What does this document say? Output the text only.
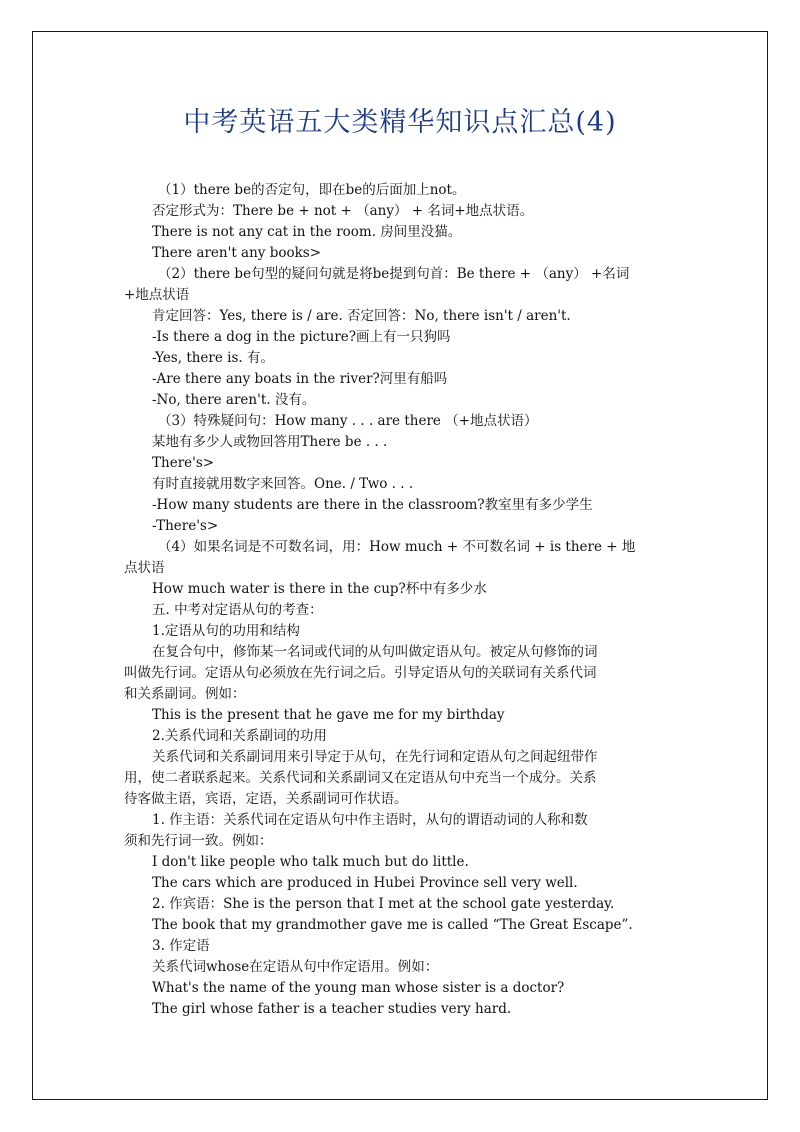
中考英语五大类精华知识点汇总(4)
（1）there be的否定句，即在be的后面加上not。
否定形式为：There be + not + （any） + 名词+地点状语。
There is not any cat in the room. 房间里没猫。
There aren't any books>
（2）there be句型的疑问句就是将be提到句首：Be there + （any） +名词
+地点状语
肯定回答：Yes, there is / are. 否定回答：No, there isn't / aren't.
-Is there a dog in the picture?画上有一只狗吗
-Yes, there is. 有。
-Are there any boats in the river?河里有船吗
-No, there aren't. 没有。
（3）特殊疑问句：How many . . . are there （+地点状语）
某地有多少人或物回答用There be . . .
There's>
有时直接就用数字来回答。One. / Two . . .
-How many students are there in the classroom?教室里有多少学生
-There's>
（4）如果名词是不可数名词，用：How much + 不可数名词 + is there + 地
点状语
How much water is there in the cup?杯中有多少水
五. 中考对定语从句的考查：
1.定语从句的功用和结构
在复合句中，修饰某一名词或代词的从句叫做定语从句。被定从句修饰的词
叫做先行词。定语从句必须放在先行词之后。引导定语从句的关联词有关系代词
和关系副词。例如：
This is the present that he gave me for my birthday
2.关系代词和关系副词的功用
关系代词和关系副词用来引导定于从句，在先行词和定语从句之间起纽带作
用，使二者联系起来。关系代词和关系副词又在定语从句中充当一个成分。关系
待客做主语，宾语，定语，关系副词可作状语。
1. 作主语：关系代词在定语从句中作主语时，从句的谓语动词的人称和数
须和先行词一致。例如：
I don't like people who talk much but do little.
The cars which are produced in Hubei Province sell very well.
2. 作宾语：She is the person that I met at the school gate yesterday.
The book that my grandmother gave me is called “The Great Escape”.
3. 作定语
关系代词whose在定语从句中作定语用。例如：
What's the name of the young man whose sister is a doctor?
The girl whose father is a teacher studies very hard.
